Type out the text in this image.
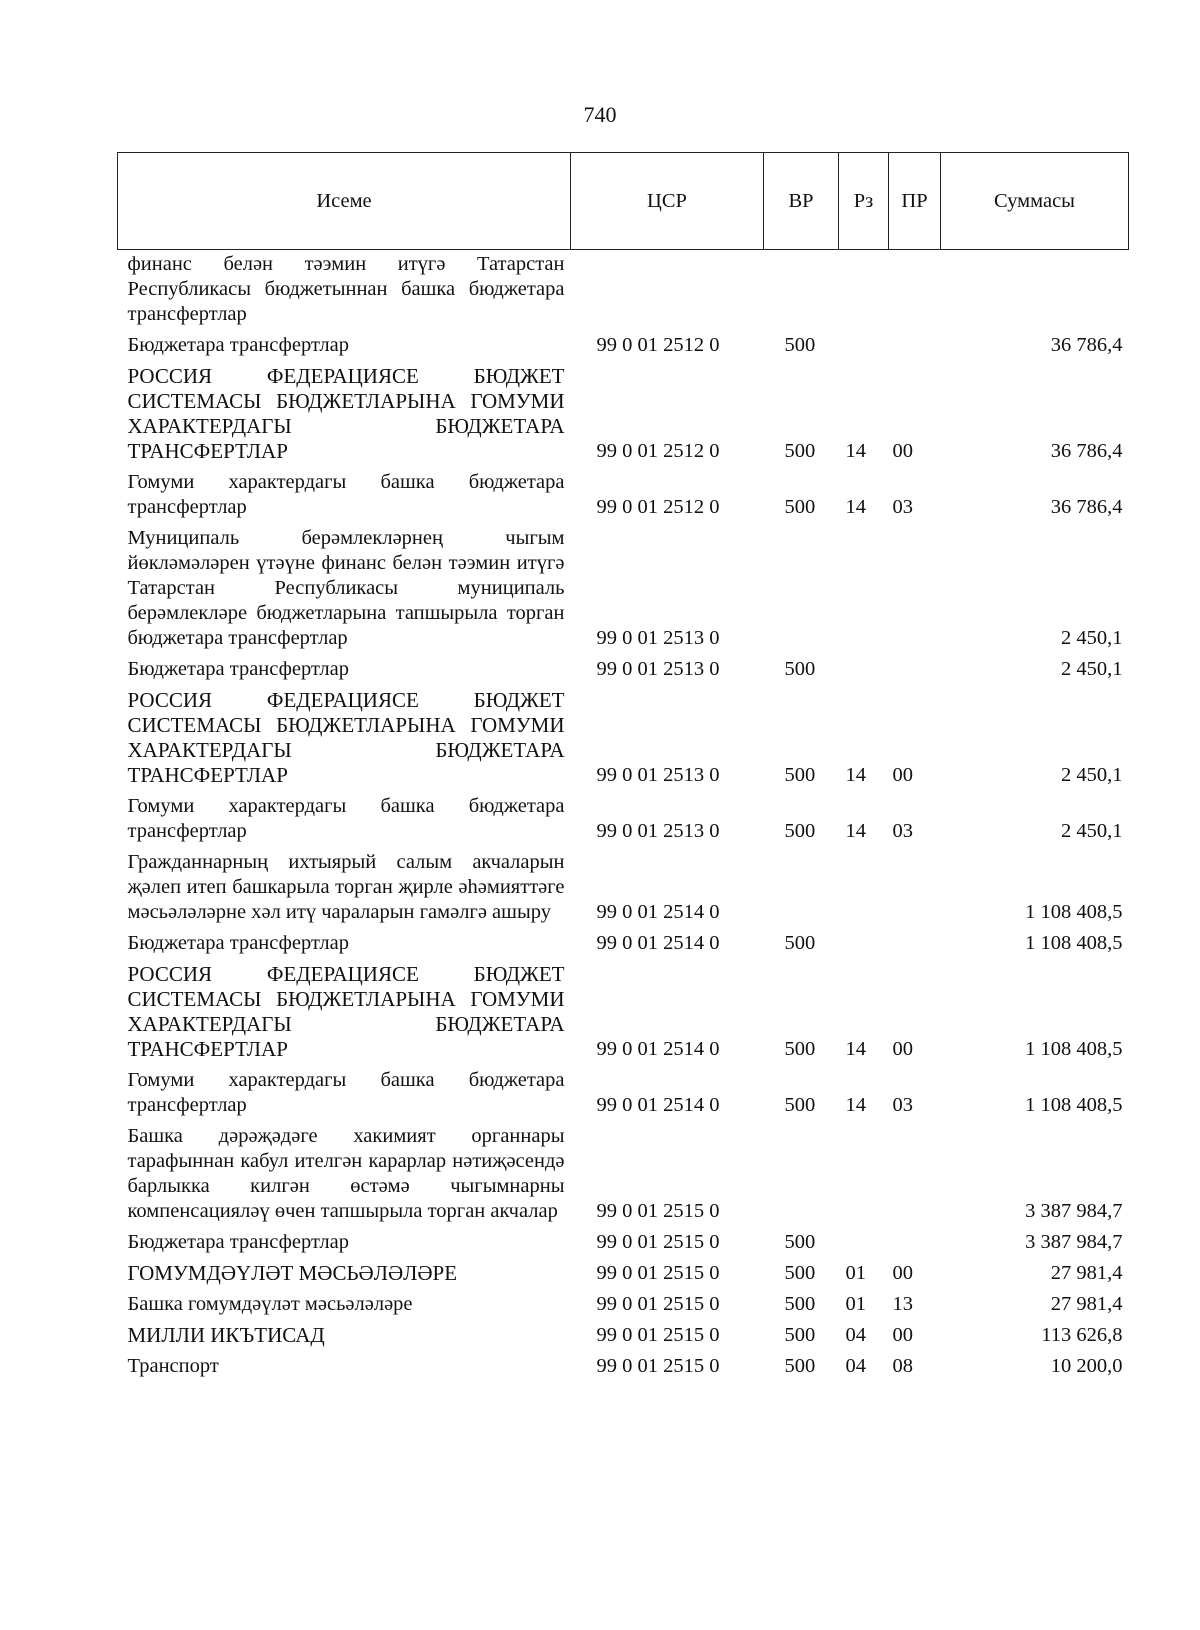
740
Исеме	ЦСР	ВР	Рз	ПР	Суммасы
финанс белән тәэмин итүгә Татарстан Республикасы бюджетыннан башка бюджетара трансфертлар					
Бюджетара трансфертлар	99 0 01 2512 0	500			36 786,4
РОССИЯ ФЕДЕРАЦИЯСЕ БЮДЖЕТ СИСТЕМАСЫ БЮДЖЕТЛАРЫНА ГОМУМИ ХАРАКТЕРДАГЫ БЮДЖЕТАРА ТРАНСФЕРТЛАР	99 0 01 2512 0	500	14	00	36 786,4
Гомуми характердагы башка бюджетара трансфертлар	99 0 01 2512 0	500	14	03	36 786,4
Муниципаль берәмлекләрнең чыгым йөкләмәләрен үтәүне финанс белән тәэмин итүгә Татарстан Республикасы муниципаль берәмлекләре бюджетларына тапшырыла торган бюджетара трансфертлар	99 0 01 2513 0				2 450,1
Бюджетара трансфертлар	99 0 01 2513 0	500			2 450,1
РОССИЯ ФЕДЕРАЦИЯСЕ БЮДЖЕТ СИСТЕМАСЫ БЮДЖЕТЛАРЫНА ГОМУМИ ХАРАКТЕРДАГЫ БЮДЖЕТАРА ТРАНСФЕРТЛАР	99 0 01 2513 0	500	14	00	2 450,1
Гомуми характердагы башка бюджетара трансфертлар	99 0 01 2513 0	500	14	03	2 450,1
Гражданнарның ихтыярый салым акчаларын җәлеп итеп башкарыла торган җирле әһәмияттәге мәсьәләләрне хәл итү чараларын гамәлгә ашыру	99 0 01 2514 0				1 108 408,5
Бюджетара трансфертлар	99 0 01 2514 0	500			1 108 408,5
РОССИЯ ФЕДЕРАЦИЯСЕ БЮДЖЕТ СИСТЕМАСЫ БЮДЖЕТЛАРЫНА ГОМУМИ ХАРАКТЕРДАГЫ БЮДЖЕТАРА ТРАНСФЕРТЛАР	99 0 01 2514 0	500	14	00	1 108 408,5
Гомуми характердагы башка бюджетара трансфертлар	99 0 01 2514 0	500	14	03	1 108 408,5
Башка дәрәҗәдәге хакимият органнары тарафыннан кабул ителгән карарлар нәтиҗәсендә барлыкка килгән өстәмә чыгымнарны компенсацияләү өчен тапшырыла торган акчалар	99 0 01 2515 0				3 387 984,7
Бюджетара трансфертлар	99 0 01 2515 0	500			3 387 984,7
ГОМУМДӘҮЛӘТ МӘСЬӘЛӘЛӘРЕ	99 0 01 2515 0	500	01	00	27 981,4
Башка гомумдәүләт мәсьәләләре	99 0 01 2515 0	500	01	13	27 981,4
МИЛЛИ ИКЪТИСАД	99 0 01 2515 0	500	04	00	113 626,8
Транспорт	99 0 01 2515 0	500	04	08	10 200,0
